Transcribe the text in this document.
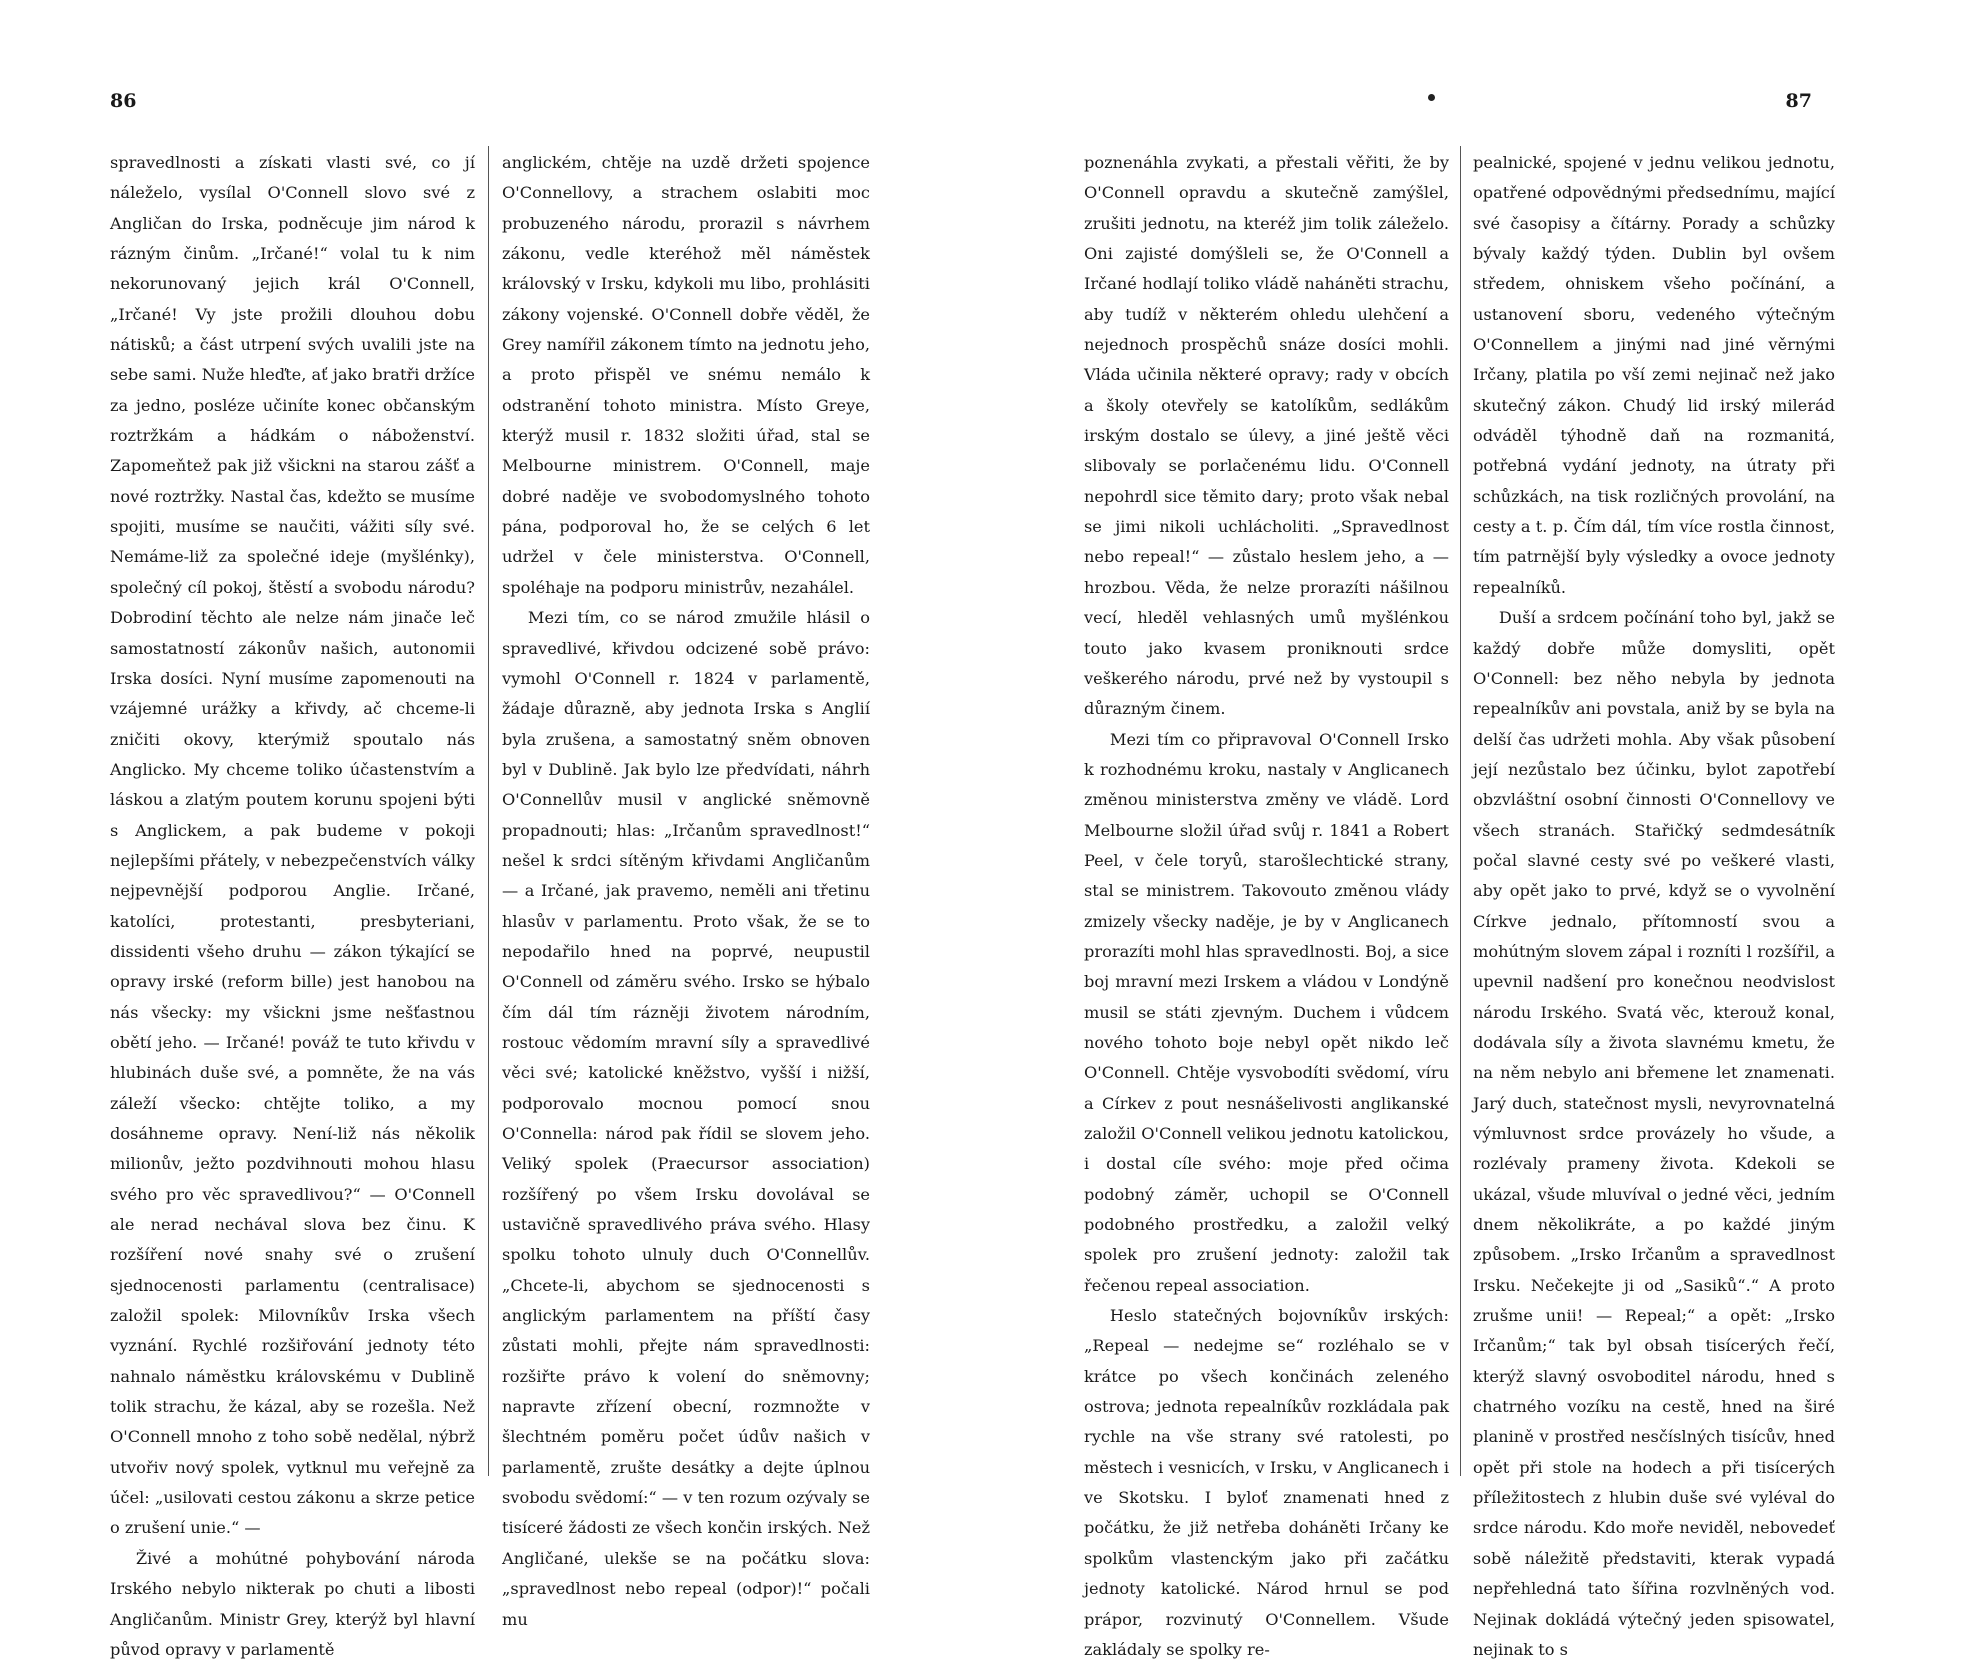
86

spravedlnosti a získati vlasti své, co jí náleželo, vysílal O'Connell slovo své z Angličan do Irska, podněcuje jim národ k rázným činům. „Irčané!“ volal tu k nim nekorunovaný jejich král O'Connell, „Irčané! Vy jste prožili dlouhou dobu nátisků; a část utrpení svých uvalili jste na sebe sami. Nuže hleďte, ať jako bratři držíce za jedno, posléze učiníte konec občanským roztržkám a hádkám o náboženství. Zapomeňtež pak již všickni na starou zášť a nové roztržky. Nastal čas, kdežto se musíme spojiti, musíme se naučiti, vážiti síly své. Nemáme-liž za společné ideje (myšlénky), společný cíl pokoj, štěstí a svobodu národu? Dobrodiní těchto ale nelze nám jinače leč samostatností zákonův našich, autonomii Irska dosíci. Nyní musíme zapomenouti na vzájemné urážky a křivdy, ač chceme-li zničiti okovy, kterýmiž spoutalo nás Anglicko. My chceme toliko účastenstvím a láskou a zlatým poutem korunu spojeni býti s Anglickem, a pak budeme v pokoji nejlepšími přátely, v nebezpečenstvích války nejpevnější podporou Anglie. Irčané, katolíci, protestanti, presbyteriani, dissidenti všeho druhu — zákon týkající se opravy irské (reform bille) jest hanobou na nás všecky: my všickni jsme nešťastnou obětí jeho. — Irčané! pováž te tuto křivdu v hlubinách duše své, a pomněte, že na vás záleží všecko: chtějte toliko, a my dosáhneme opravy. Není-liž nás několik milionův, ježto pozdvihnouti mohou hlasu svého pro věc spravedlivou?“ — O'Connell ale nerad nechával slova bez činu. K rozšíření nové snahy své o zrušení sjednocenosti parlamentu (centralisace) založil spolek: Milovníkův Irska všech vyznání. Rychlé rozšiřování jednoty této nahnalo náměstku královskému v Dublině tolik strachu, že kázal, aby se rozešla. Než O'Connell mnoho z toho sobě nedělal, nýbrž utvořiv nový spolek, vytknul mu veřejně za účel: „usilovati cestou zákonu a skrze petice o zrušení unie.“ —

Živé a mohútné pohybování národa Irského nebylo nikterak po chuti a libosti Angličanům. Ministr Grey, kterýž byl hlavní původ opravy v parlamentě

anglickém, chtěje na uzdě držeti spojence O'Connellovy, a strachem oslabiti moc probuzeného národu, prorazil s návrhem zákonu, vedle kteréhož měl náměstek královský v Irsku, kdykoli mu libo, prohlásiti zákony vojenské. O'Connell dobře věděl, že Grey namířil zákonem tímto na jednotu jeho, a proto přispěl ve snému nemálo k odstranění tohoto ministra. Místo Greye, kterýž musil r. 1832 složiti úřad, stal se Melbourne ministrem. O'Connell, maje dobré naděje ve svobodomyslného tohoto pána, podporoval ho, že se celých 6 let udržel v čele ministerstva. O'Connell, spoléhaje na podporu ministrův, nezahálel.

Mezi tím, co se národ zmužile hlásil o spravedlivé, křivdou odcizené sobě právo: vymohl O'Connell r. 1824 v parlamentě, žádaje důrazně, aby jednota Irska s Anglií byla zrušena, a samostatný sněm obnoven byl v Dublině. Jak bylo lze předvídati, náhrh O'Connellův musil v anglické sněmovně propadnouti; hlas: „Irčanům spravedlnost!“ nešel k srdci sítěným křivdami Angličanům — a Irčané, jak pravemo, neměli ani třetinu hlasův v parlamentu. Proto však, že se to nepodařilo hned na poprvé, neupustil O'Connell od záměru svého. Irsko se hýbalo čím dál tím rázněji životem národním, rostouc vědomím mravní síly a spravedlivé věci své; katolické kněžstvo, vyšší i nižší, podporovalo mocnou pomocí snou O'Connella: národ pak řídil se slovem jeho. Veliký spolek (Praecursor association) rozšířený po všem Irsku dovolával se ustavičně spravedlivého práva svého. Hlasy spolku tohoto ulnuly duch O'Connellův. „Chcete-li, abychom se sjednocenosti s anglickým parlamentem na příští časy zůstati mohli, přejte nám spravedlnosti: rozšiřte právo k volení do sněmovny; napravte zřízení obecní, rozmnožte v šlechtném poměru počet údův našich v parlamentě, zrušte desátky a dejte úplnou svobodu svědomí:“ — v ten rozum ozývaly se tisíceré žádosti ze všech končin irských. Než Angličané, ulekše se na počátku slova: „spravedlnost nebo repeal (odpor)!“ počali mu

87

poznenáhla zvykati, a přestali věřiti, že by O'Connell opravdu a skutečně zamýšlel, zrušiti jednotu, na kteréž jim tolik záleželo. Oni zajisté domýšleli se, že O'Connell a Irčané hodlají toliko vládě naháněti strachu, aby tudíž v některém ohledu ulehčení a nejednoch prospěchů snáze dosíci mohli. Vláda učinila některé opravy; rady v obcích a školy otevřely se katolíkům, sedlákům irským dostalo se úlevy, a jiné ještě věci slibovaly se porlačenému lidu. O'Connell nepohrdl sice těmito dary; proto však nebal se jimi nikoli uchlácholiti. „Spravedlnost nebo repeal!“ — zůstalo heslem jeho, a — hrozbou. Věda, že nelze prorazíti nášilnou vecí, hleděl vehlasných umů myšlénkou touto jako kvasem proniknouti srdce veškerého národu, prvé než by vystoupil s důrazným činem.

Mezi tím co připravoval O'Connell Irsko k rozhodnému kroku, nastaly v Anglicanech změnou ministerstva změny ve vládě. Lord Melbourne složil úřad svůj r. 1841 a Robert Peel, v čele toryů, starošlechtické strany, stal se ministrem. Takovouto změnou vlády zmizely všecky naděje, je by v Anglicanech prorazíti mohl hlas spravedlnosti. Boj, a sice boj mravní mezi Irskem a vládou v Londýně musil se státi zjevným. Duchem i vůdcem nového tohoto boje nebyl opět nikdo leč O'Connell. Chtěje vysvobodíti svědomí, víru a Církev z pout nesnášelivosti anglikanské založil O'Connell velikou jednotu katolickou, i dostal cíle svého: moje před očima podobný záměr, uchopil se O'Connell podobného prostředku, a založil velký spolek pro zrušení jednoty: založil tak řečenou repeal association.

Heslo statečných bojovníkův irských: „Repeal — nedejme se“ rozléhalo se v krátce po všech končinách zeleného ostrova; jednota repealníkův rozkládala pak rychle na vše strany své ratolesti, po městech i vesnicích, v Irsku, v Anglicanech i ve Skotsku. I byloť znamenati hned z počátku, že již netřeba doháněti Irčany ke spolkům vlastenckým jako při začátku jednoty katolické. Národ hrnul se pod prápor, rozvinutý O'Connellem. Všude zakládaly se spolky re-

pealnické, spojené v jednu velikou jednotu, opatřené odpovědnými předsednímu, mající své časopisy a čítárny. Porady a schůzky bývaly každý týden. Dublin byl ovšem středem, ohniskem všeho počínání, a ustanovení sboru, vedeného výtečným O'Connellem a jinými nad jiné věrnými Irčany, platila po vší zemi nejinač než jako skutečný zákon. Chudý lid irský milerád odváděl týhodně daň na rozmanitá, potřebná vydání jednoty, na útraty při schůzkách, na tisk rozličných provolání, na cesty a t. p. Čím dál, tím více rostla činnost, tím patrnější byly výsledky a ovoce jednoty repealníků.

Duší a srdcem počínání toho byl, jakž se každý dobře může domysliti, opět O'Connell: bez něho nebyla by jednota repealníkův ani povstala, aniž by se byla na delší čas udržeti mohla. Aby však působení její nezůstalo bez účinku, bylot zapotřebí obzvláštní osobní činnosti O'Connellovy ve všech stranách. Stařičký sedmdesátník počal slavné cesty své po veškeré vlasti, aby opět jako to prvé, když se o vyvolnění Církve jednalo, přítomností svou a mohútným slovem zápal i rozníti l rozšířil, a upevnil nadšení pro konečnou neodvislost národu Irského. Svatá věc, kterouž konal, dodávala síly a života slavnému kmetu, že na něm nebylo ani břemene let znamenati. Jarý duch, statečnost mysli, nevyrovnatelná výmluvnost srdce provázely ho všude, a rozlévaly prameny života. Kdekoli se ukázal, všude mluvíval o jedné věci, jedním dnem několikráte, a po každé jiným způsobem. „Irsko Irčanům a spravedlnost Irsku. Nečekejte ji od „Sasiků“.“ A proto zrušme unii! — Repeal;“ a opět: „Irsko Irčanům;“ tak byl obsah tisícerých řečí, kterýž slavný osvoboditel národu, hned s chatrného vozíku na cestě, hned na širé planině v prostřed nesčíslných tisícův, hned opět při stole na hodech a při tisícerých příležitostech z hlubin duše své vyléval do srdce národu. Kdo moře neviděl, nebovedeť sobě náležitě představiti, kterak vypadá nepřehledná tato šířina rozvlněných vod. Nejinak dokládá výtečný jeden spisowatel, nejinak to s
